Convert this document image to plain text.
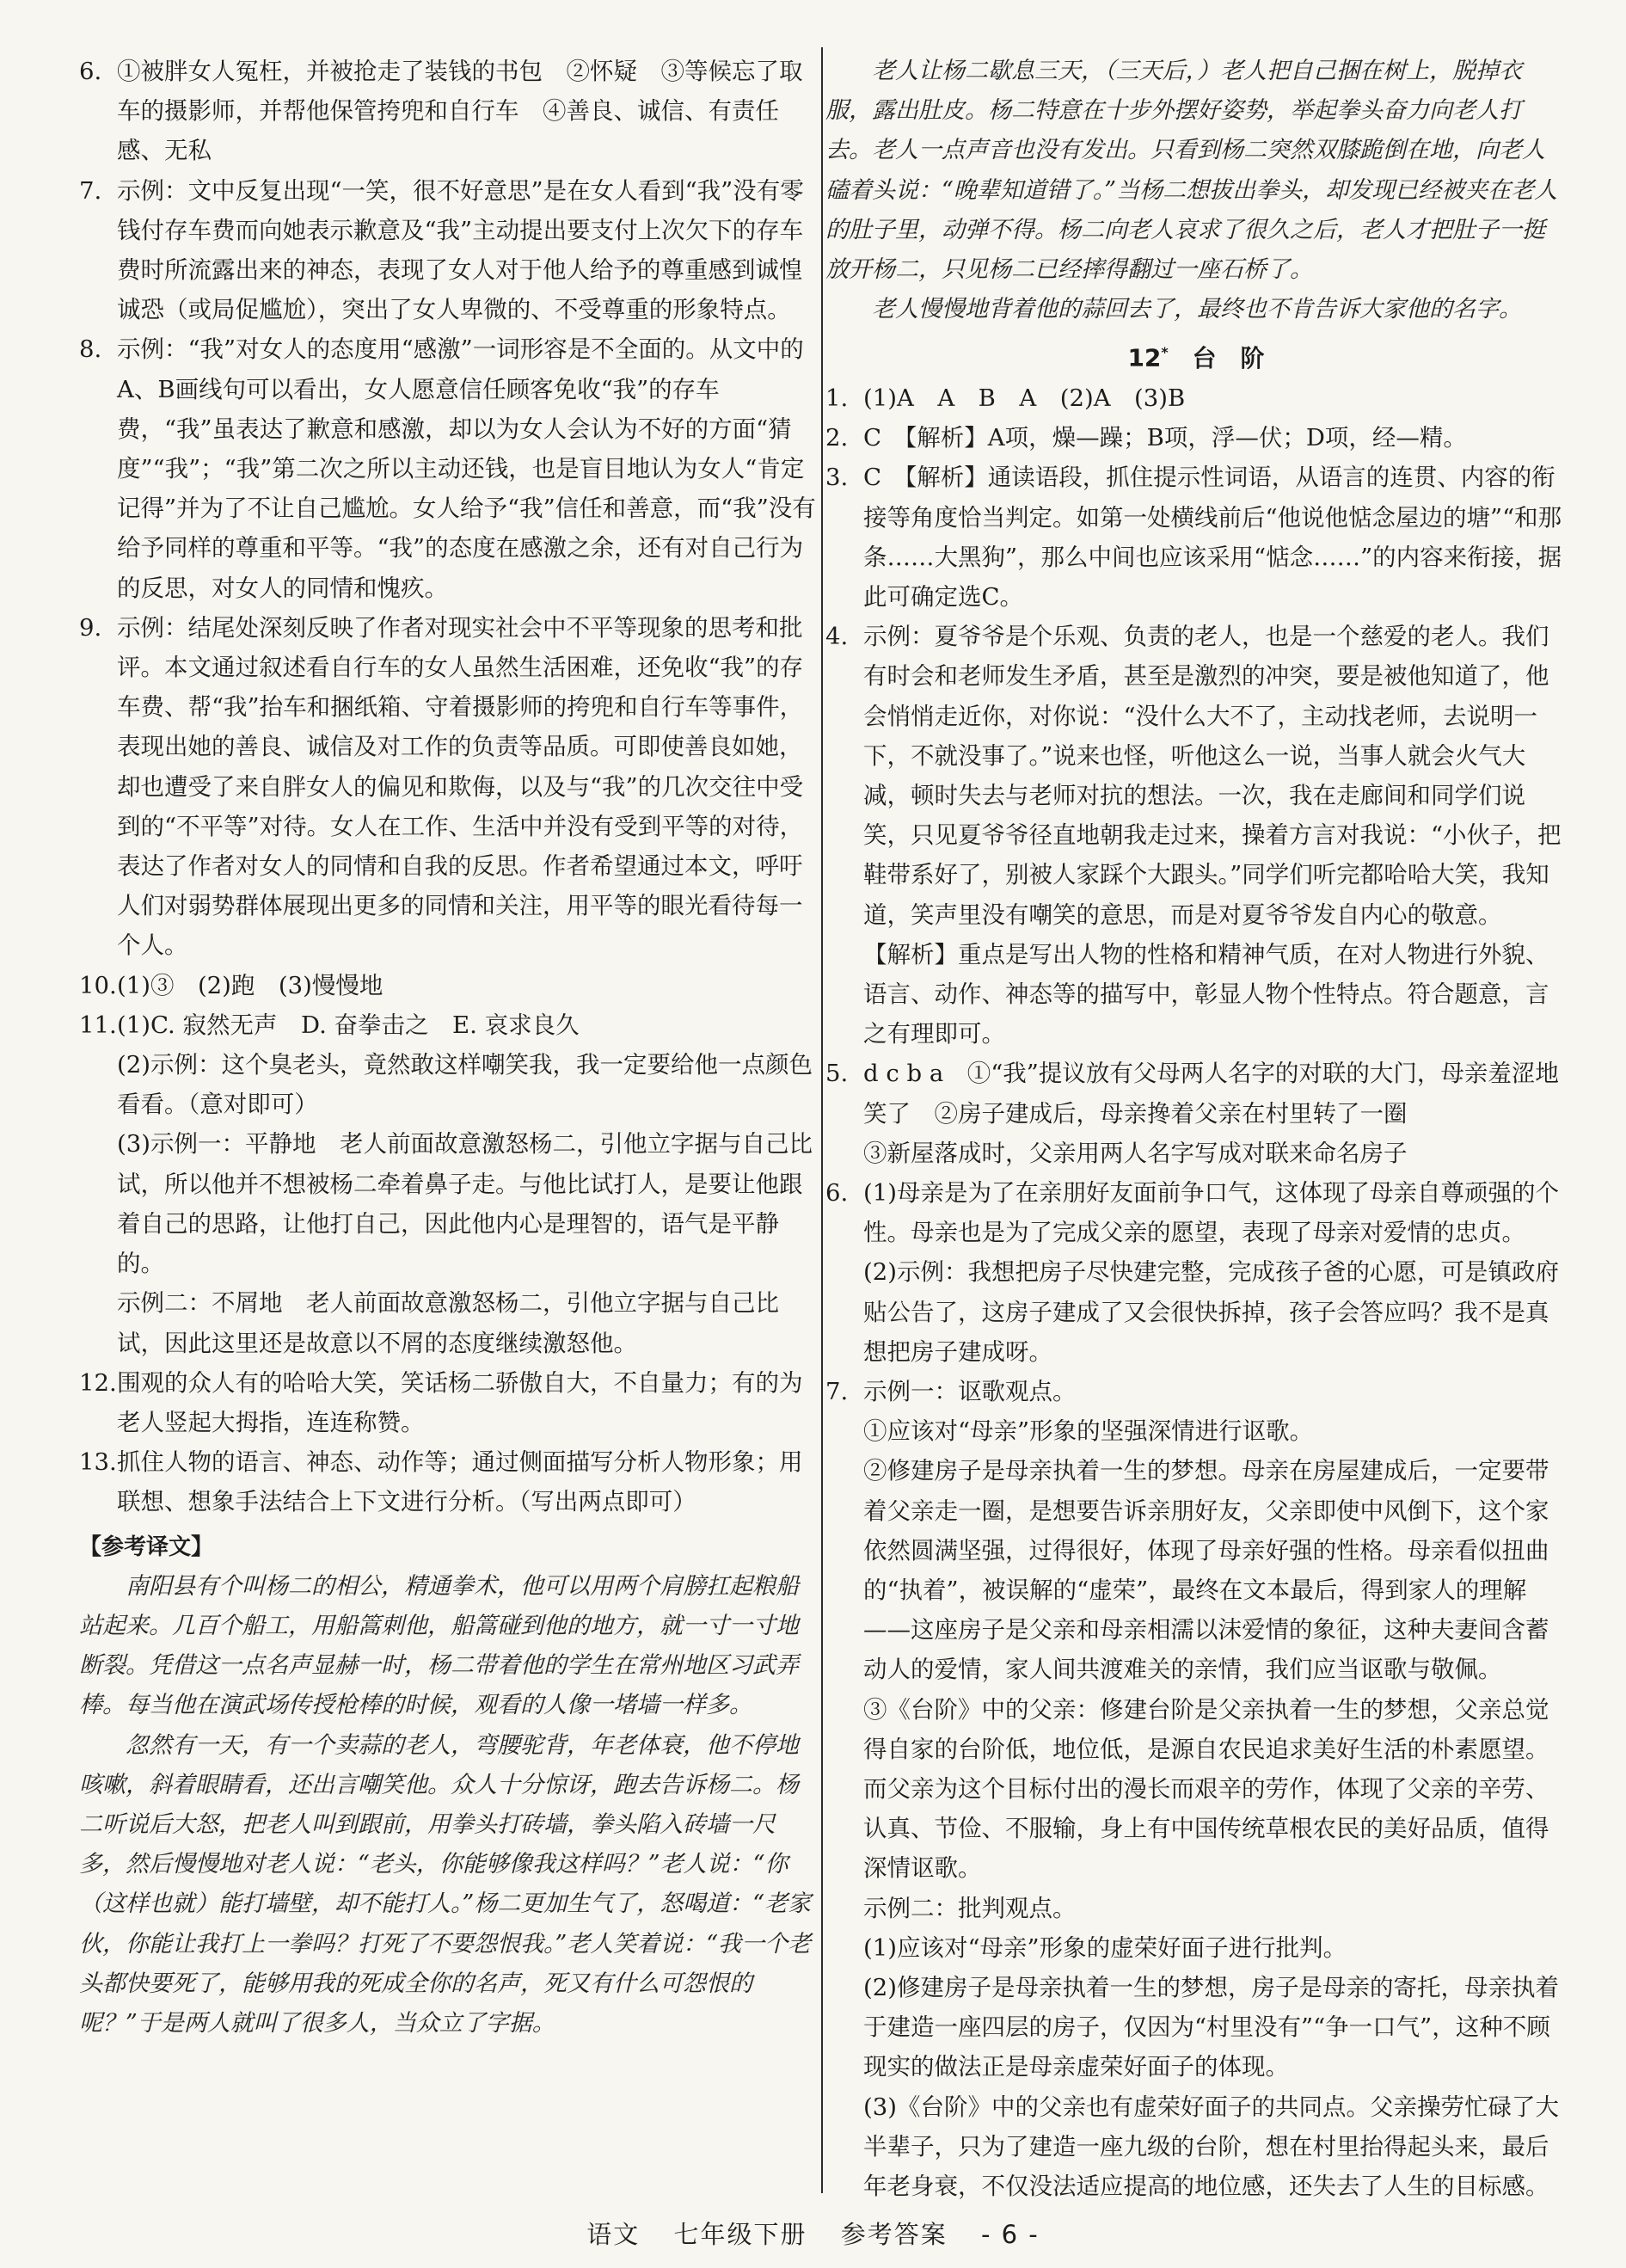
6. ①被胖女人冤枉，并被抢走了装钱的书包　②怀疑　③等候忘了取车的摄影师，并帮他保管挎兜和自行车　④善良、诚信、有责任感、无私
7. 示例：文中反复出现“一笑，很不好意思”是在女人看到“我”没有零钱付存车费而向她表示歉意及“我”主动提出要支付上次欠下的存车费时所流露出来的神态，表现了女人对于他人给予的尊重感到诚惶诚恐（或局促尴尬），突出了女人卑微的、不受尊重的形象特点。
8. 示例：“我”对女人的态度用“感激”一词形容是不全面的。从文中的A、B画线句可以看出，女人愿意信任顾客免收“我”的存车费，“我”虽表达了歉意和感激，却以为女人会认为不好的方面“猜度”“我”；“我”第二次之所以主动还钱，也是盲目地认为女人“肯定记得”并为了不让自己尴尬。女人给予“我”信任和善意，而“我”没有给予同样的尊重和平等。“我”的态度在感激之余，还有对自己行为的反思，对女人的同情和愧疚。
9. 示例：结尾处深刻反映了作者对现实社会中不平等现象的思考和批评。本文通过叙述看自行车的女人虽然生活困难，还免收“我”的存车费、帮“我”抬车和捆纸箱、守着摄影师的挎兜和自行车等事件，表现出她的善良、诚信及对工作的负责等品质。可即使善良如她，却也遭受了来自胖女人的偏见和欺侮，以及与“我”的几次交往中受到的“不平等”对待。女人在工作、生活中并没有受到平等的对待，表达了作者对女人的同情和自我的反思。作者希望通过本文，呼吁人们对弱势群体展现出更多的同情和关注，用平等的眼光看待每一个人。
10. (1)③　(2)跑　(3)慢慢地
11. (1)C. 寂然无声　D. 奋拳击之　E. 哀求良久
(2)示例：这个臭老头，竟然敢这样嘲笑我，我一定要给他一点颜色看看。（意对即可）
(3)示例一：平静地　老人前面故意激怒杨二，引他立字据与自己比试，所以他并不想被杨二牵着鼻子走。与他比试打人，是要让他跟着自己的思路，让他打自己，因此他内心是理智的，语气是平静的。
示例二：不屑地　老人前面故意激怒杨二，引他立字据与自己比试，因此这里还是故意以不屑的态度继续激怒他。
12. 围观的众人有的哈哈大笑，笑话杨二骄傲自大，不自量力；有的为老人竖起大拇指，连连称赞。
13. 抓住人物的语言、神态、动作等；通过侧面描写分析人物形象；用联想、想象手法结合上下文进行分析。（写出两点即可）
【参考译文】

南阳县有个叫杨二的相公，精通拳术，他可以用两个肩膀扛起粮船站起来。几百个船工，用船篙刺他，船篙碰到他的地方，就一寸一寸地断裂。凭借这一点名声显赫一时，杨二带着他的学生在常州地区习武弄棒。每当他在演武场传授枪棒的时候，观看的人像一堵墙一样多。

忽然有一天，有一个卖蒜的老人，弯腰驼背，年老体衰，他不停地咳嗽，斜着眼睛看，还出言嘲笑他。众人十分惊讶，跑去告诉杨二。杨二听说后大怒，把老人叫到跟前，用拳头打砖墙，拳头陷入砖墙一尺多，然后慢慢地对老人说：“老头，你能够像我这样吗？”老人说：“你（这样也就）能打墙壁，却不能打人。”杨二更加生气了，怒喝道：“老家伙，你能让我打上一拳吗？打死了不要怨恨我。”老人笑着说：“我一个老头都快要死了，能够用我的死成全你的名声，死又有什么可怨恨的呢？”于是两人就叫了很多人，当众立了字据。

老人让杨二歇息三天，（三天后，）老人把自己捆在树上，脱掉衣服，露出肚皮。杨二特意在十步外摆好姿势，举起拳头奋力向老人打去。老人一点声音也没有发出。只看到杨二突然双膝跪倒在地，向老人磕着头说：“晚辈知道错了。”当杨二想拔出拳头，却发现已经被夹在老人的肚子里，动弹不得。杨二向老人哀求了很久之后，老人才把肚子一挺放开杨二，只见杨二已经摔得翻过一座石桥了。

老人慢慢地背着他的蒜回去了，最终也不肯告诉大家他的名字。

12* 台　阶
1. (1)A　A　B　A　(2)A　(3)B
2. C　【解析】A项，燥—躁；B项，浮—伏；D项，经—精。
3. C　【解析】通读语段，抓住提示性词语，从语言的连贯、内容的衔接等角度恰当判定。如第一处横线前后“他说他惦念屋边的塘”“和那条……大黑狗”，那么中间也应该采用“惦念……”的内容来衔接，据此可确定选C。
4. 示例：夏爷爷是个乐观、负责的老人，也是一个慈爱的老人。我们有时会和老师发生矛盾，甚至是激烈的冲突，要是被他知道了，他会悄悄走近你，对你说：“没什么大不了，主动找老师，去说明一下，不就没事了。”说来也怪，听他这么一说，当事人就会火气大减，顿时失去与老师对抗的想法。一次，我在走廊间和同学们说笑，只见夏爷爷径直地朝我走过来，操着方言对我说：“小伙子，把鞋带系好了，别被人家踩个大跟头。”同学们听完都哈哈大笑，我知道，笑声里没有嘲笑的意思，而是对夏爷爷发自内心的敬意。
【解析】重点是写出人物的性格和精神气质，在对人物进行外貌、语言、动作、神态等的描写中，彰显人物个性特点。符合题意，言之有理即可。
5. d c b a　①“我”提议放有父母两人名字的对联的大门，母亲羞涩地笑了　②房子建成后，母亲搀着父亲在村里转了一圈
③新屋落成时，父亲用两人名字写成对联来命名房子
6. (1)母亲是为了在亲朋好友面前争口气，这体现了母亲自尊顽强的个性。母亲也是为了完成父亲的愿望，表现了母亲对爱情的忠贞。
(2)示例：我想把房子尽快建完整，完成孩子爸的心愿，可是镇政府贴公告了，这房子建成了又会很快拆掉，孩子会答应吗？我不是真想把房子建成呀。
7. 示例一：讴歌观点。
①应该对“母亲”形象的坚强深情进行讴歌。
②修建房子是母亲执着一生的梦想。母亲在房屋建成后，一定要带着父亲走一圈，是想要告诉亲朋好友，父亲即使中风倒下，这个家依然圆满坚强，过得很好，体现了母亲好强的性格。母亲看似扭曲的“执着”，被误解的“虚荣”，最终在文本最后，得到家人的理解——这座房子是父亲和母亲相濡以沫爱情的象征，这种夫妻间含蓄动人的爱情，家人间共渡难关的亲情，我们应当讴歌与敬佩。
③《台阶》中的父亲：修建台阶是父亲执着一生的梦想，父亲总觉得自家的台阶低，地位低，是源自农民追求美好生活的朴素愿望。而父亲为这个目标付出的漫长而艰辛的劳作，体现了父亲的辛劳、认真、节俭、不服输，身上有中国传统草根农民的美好品质，值得深情讴歌。
示例二：批判观点。
(1)应该对“母亲”形象的虚荣好面子进行批判。
(2)修建房子是母亲执着一生的梦想，房子是母亲的寄托，母亲执着于建造一座四层的房子，仅因为“村里没有”“争一口气”，这种不顾现实的做法正是母亲虚荣好面子的体现。
(3)《台阶》中的父亲也有虚荣好面子的共同点。父亲操劳忙碌了大半辈子，只为了建造一座九级的台阶，想在村里抬得起头来，最后年老身衰，不仅没法适应提高的地位感，还失去了人生的目标感。
语文 七年级下册 参考答案 - 6 -
